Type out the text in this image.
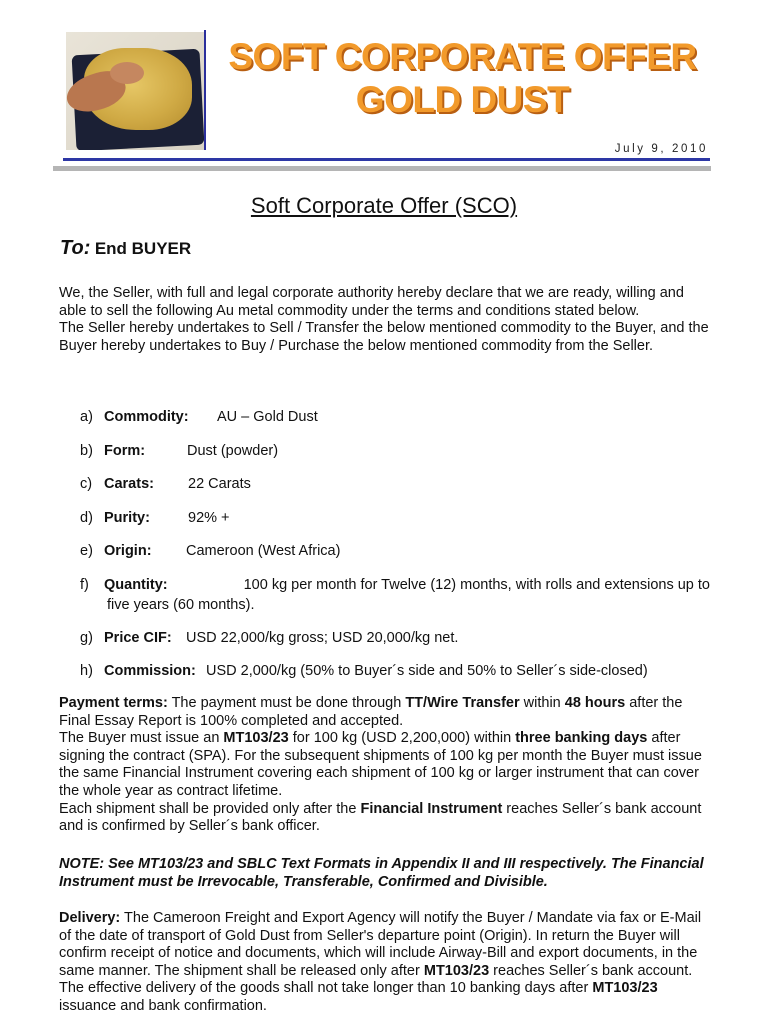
SOFT CORPORATE OFFER
GOLD DUST
July 9, 2010
Soft Corporate Offer (SCO)
To: End BUYER
We, the Seller, with full and legal corporate authority hereby declare that we are ready, willing and able to sell the following Au metal commodity under the terms and conditions stated below.
The Seller hereby undertakes to Sell / Transfer the below mentioned commodity to the Buyer, and the Buyer hereby undertakes to Buy / Purchase the below mentioned commodity from the Seller.
a) Commodity: AU – Gold Dust
b) Form:	Dust (powder)
c) Carats: 22 Carats
d) Purity:	92% +
e) Origin: Cameroon (West Africa)
f) Quantity:	100 kg per month for Twelve (12) months, with rolls and extensions up to
five years (60 months).
g) Price CIF: USD 22,000/kg gross; USD 20,000/kg net.
h) Commission: USD 2,000/kg (50% to Buyer´s side and 50% to Seller´s side-closed)
Payment terms: The payment must be done through TT/Wire Transfer within 48 hours after the Final Essay Report is 100% completed and accepted.
The Buyer must issue an MT103/23 for 100 kg (USD 2,200,000) within three banking days after signing the contract (SPA). For the subsequent shipments of 100 kg per month the Buyer must issue the same Financial Instrument covering each shipment of 100 kg or larger instrument that can cover the whole year as contract lifetime.
Each shipment shall be provided only after the Financial Instrument reaches Seller´s bank account and is confirmed by Seller´s bank officer.
NOTE: See MT103/23 and SBLC Text Formats in Appendix II and III respectively. The Financial Instrument must be Irrevocable, Transferable, Confirmed and Divisible.
Delivery: The Cameroon Freight and Export Agency will notify the Buyer / Mandate via fax or E-Mail of the date of transport of Gold Dust from Seller's departure point (Origin). In return the Buyer will confirm receipt of notice and documents, which will include Airway-Bill and export documents, in the same manner. The shipment shall be released only after MT103/23 reaches Seller´s bank account. The effective delivery of the goods shall not take longer than 10 banking days after MT103/23 issuance and bank confirmation.
